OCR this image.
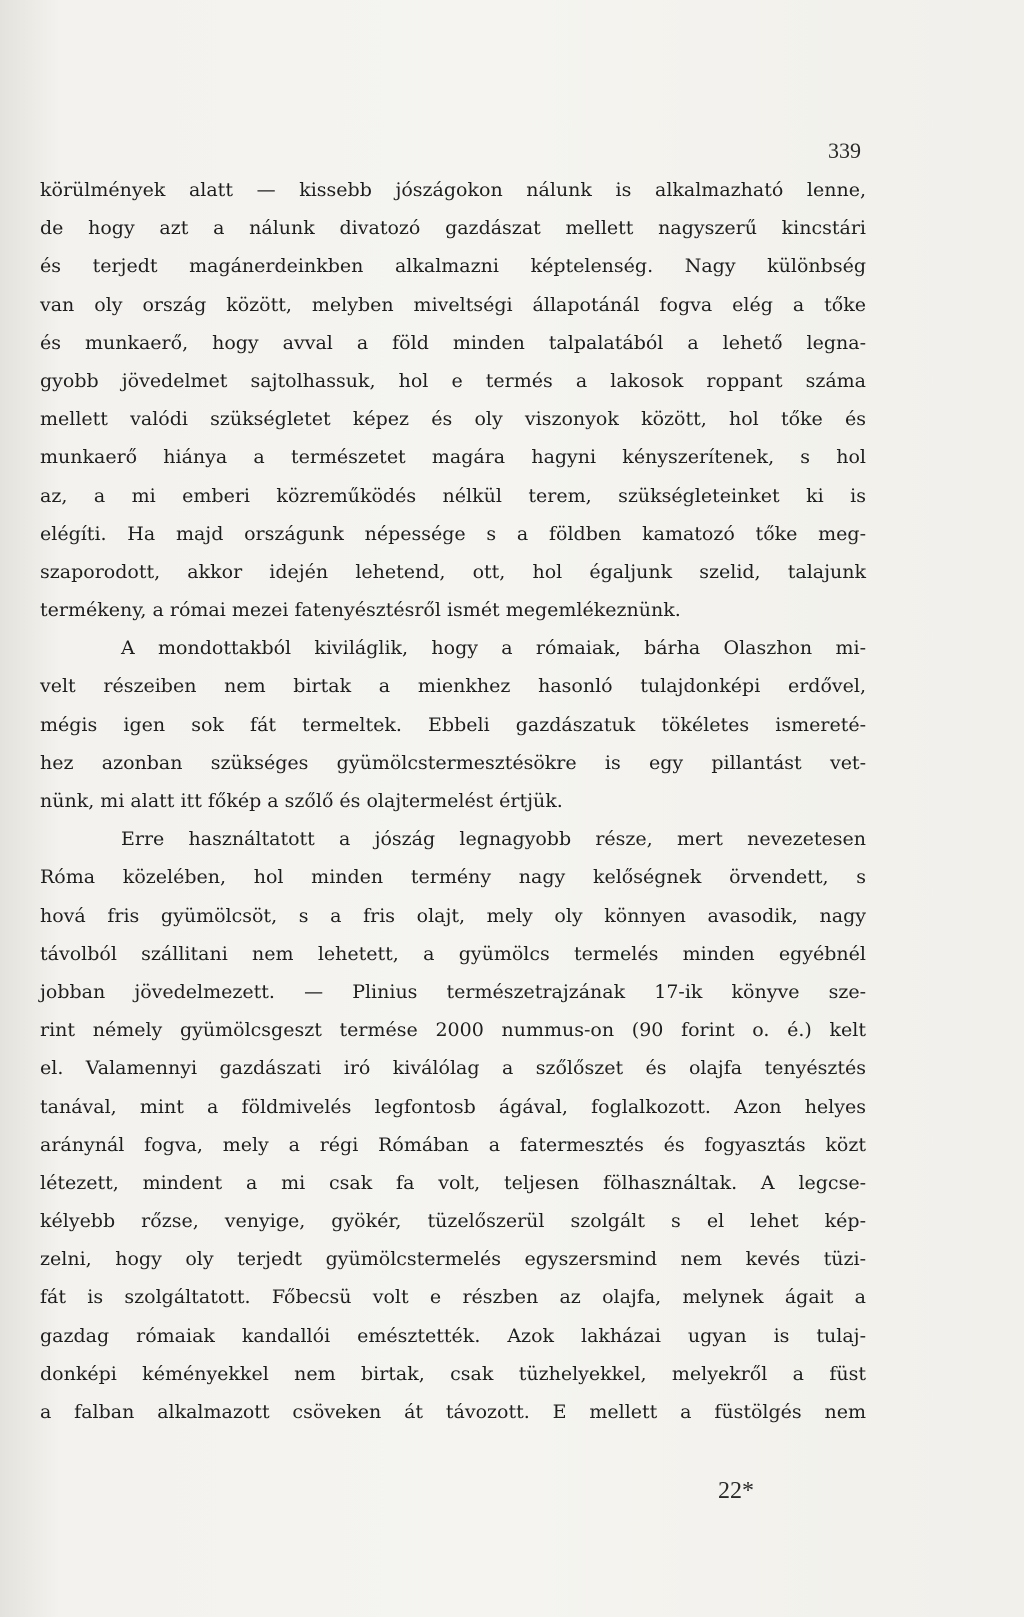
339
körülmények alatt — kissebb jószágokon nálunk is alkalmazható lenne,
de hogy azt a nálunk divatozó gazdászat mellett nagyszerű kincstári
és terjedt magánerdeinkben alkalmazni képtelenség. Nagy különbség
van oly ország között, melyben miveltségi állapotánál fogva elég a tőke
és munkaerő, hogy avval a föld minden talpalatából a lehető legna-
gyobb jövedelmet sajtolhassuk, hol e termés a lakosok roppant száma
mellett valódi szükségletet képez és oly viszonyok között, hol tőke és
munkaerő hiánya a természetet magára hagyni kényszerítenek, s hol
az, a mi emberi közreműködés nélkül terem, szükségleteinket ki is
elégíti. Ha majd országunk népessége s a földben kamatozó tőke meg-
szaporodott, akkor idején lehetend, ott, hol égaljunk szelid, talajunk
termékeny, a római mezei fatenyésztésről ismét megemlékeznünk.
A mondottakból kiviláglik, hogy a rómaiak, bárha Olaszhon mi-
velt részeiben nem birtak a mienkhez hasonló tulajdonképi erdővel,
mégis igen sok fát termeltek. Ebbeli gazdászatuk tökéletes ismereté-
hez azonban szükséges gyümölcstermesztésökre is egy pillantást vet-
nünk, mi alatt itt főkép a szőlő és olajtermelést értjük.
Erre használtatott a jószág legnagyobb része, mert nevezetesen
Róma közelében, hol minden termény nagy kelőségnek örvendett, s
hová fris gyümölcsöt, s a fris olajt, mely oly könnyen avasodik, nagy
távolból szállitani nem lehetett, a gyümölcs termelés minden egyébnél
jobban jövedelmezett. — Plinius természetrajzának 17-ik könyve sze-
rint némely gyümölcsgeszt termése 2000 nummus-on (90 forint o. é.) kelt
el. Valamennyi gazdászati iró kiválólag a szőlőszet és olajfa tenyésztés
tanával, mint a földmivelés legfontosb ágával, foglalkozott. Azon helyes
aránynál fogva, mely a régi Rómában a fatermesztés és fogyasztás közt
létezett, mindent a mi csak fa volt, teljesen fölhasználtak. A legcse-
kélyebb rőzse, venyige, gyökér, tüzelőszerül szolgált s el lehet kép-
zelni, hogy oly terjedt gyümölcstermelés egyszersmind nem kevés tüzi-
fát is szolgáltatott. Főbecsü volt e részben az olajfa, melynek ágait a
gazdag rómaiak kandallói emésztették. Azok lakházai ugyan is tulaj-
donképi kéményekkel nem birtak, csak tüzhelyekkel, melyekről a füst
a falban alkalmazott csöveken át távozott. E mellett a füstölgés nem
22*
